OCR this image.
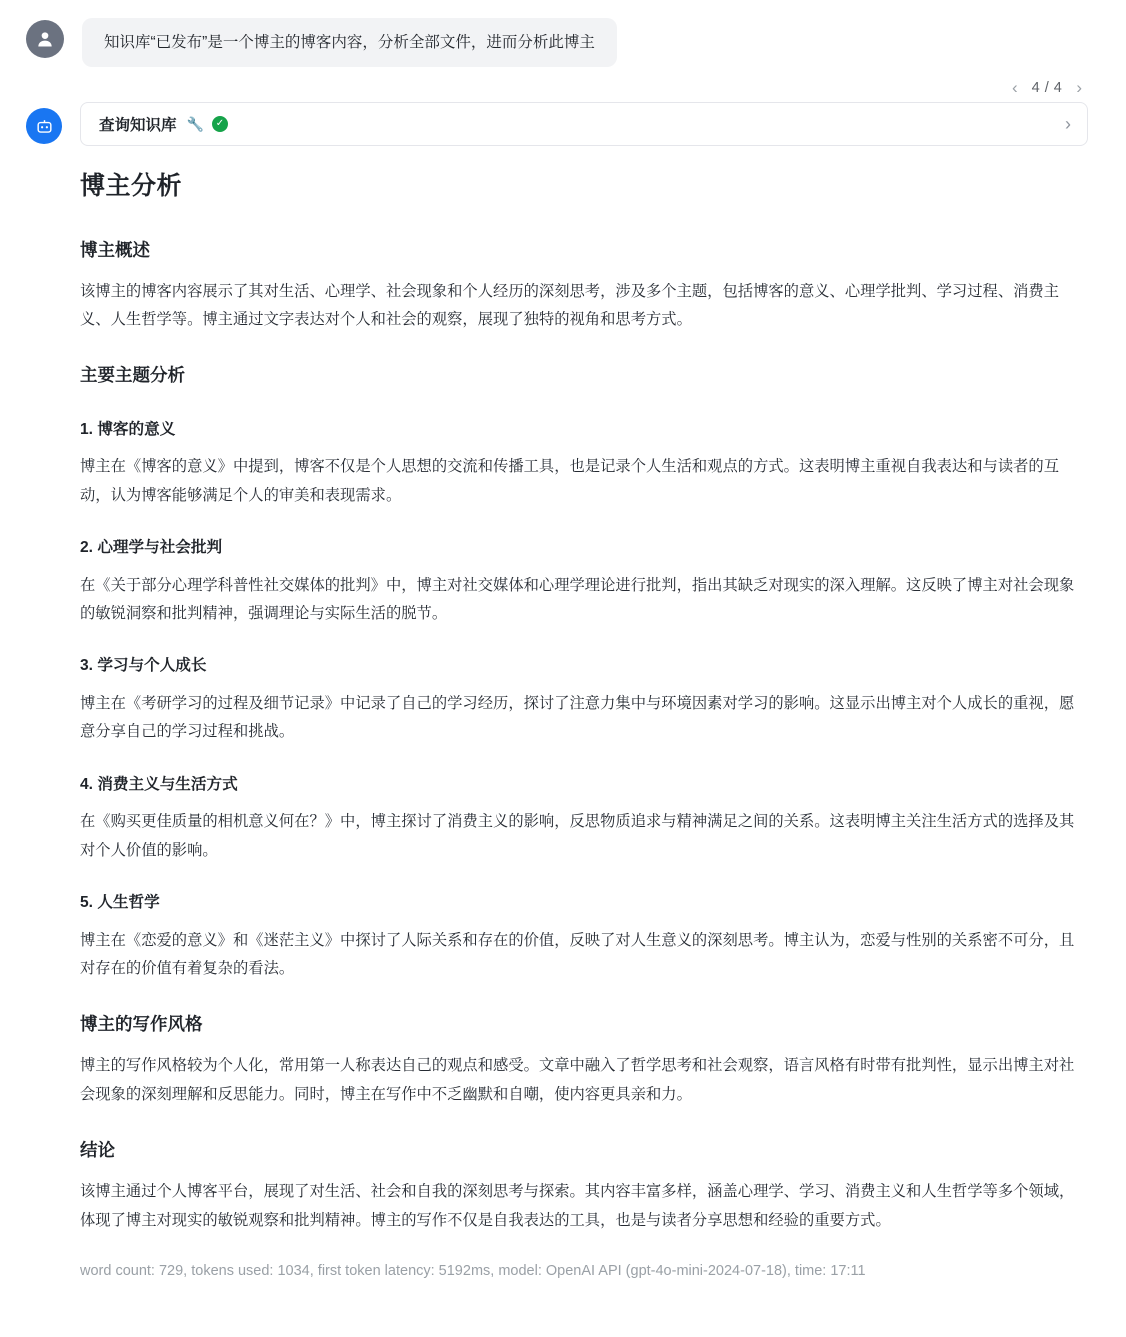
知识库“已发布”是一个博主的博客内容，分析全部文件，进而分析此博主
‹ 4 / 4 ›
查询知识库 🔧	✓	›
博主分析
博主概述

该博主的博客内容展示了其对生活、心理学、社会现象和个人经历的深刻思考，涉及多个主题，包括博客的意义、心理学批判、学习过程、消费主义、人生哲学等。博主通过文字表达对个人和社会的观察，展现了独特的视角和思考方式。

主要主题分析
1. 博客的意义

博主在《博客的意义》中提到，博客不仅是个人思想的交流和传播工具，也是记录个人生活和观点的方式。这表明博主重视自我表达和与读者的互动，认为博客能够满足个人的审美和表现需求。

2. 心理学与社会批判

在《关于部分心理学科普性社交媒体的批判》中，博主对社交媒体和心理学理论进行批判，指出其缺乏对现实的深入理解。这反映了博主对社会现象的敏锐洞察和批判精神，强调理论与实际生活的脱节。

3. 学习与个人成长

博主在《考研学习的过程及细节记录》中记录了自己的学习经历，探讨了注意力集中与环境因素对学习的影响。这显示出博主对个人成长的重视，愿意分享自己的学习过程和挑战。

4. 消费主义与生活方式

在《购买更佳质量的相机意义何在？》中，博主探讨了消费主义的影响，反思物质追求与精神满足之间的关系。这表明博主关注生活方式的选择及其对个人价值的影响。

5. 人生哲学

博主在《恋爱的意义》和《迷茫主义》中探讨了人际关系和存在的价值，反映了对人生意义的深刻思考。博主认为，恋爱与性别的关系密不可分，且对存在的价值有着复杂的看法。

博主的写作风格

博主的写作风格较为个人化，常用第一人称表达自己的观点和感受。文章中融入了哲学思考和社会观察，语言风格有时带有批判性，显示出博主对社会现象的深刻理解和反思能力。同时，博主在写作中不乏幽默和自嘲，使内容更具亲和力。

结论

该博主通过个人博客平台，展现了对生活、社会和自我的深刻思考与探索。其内容丰富多样，涵盖心理学、学习、消费主义和人生哲学等多个领域，体现了博主对现实的敏锐观察和批判精神。博主的写作不仅是自我表达的工具，也是与读者分享思想和经验的重要方式。

word count: 729, tokens used: 1034, first token latency: 5192ms, model: OpenAI API (gpt-4o-mini-2024-07-18), time: 17:11
